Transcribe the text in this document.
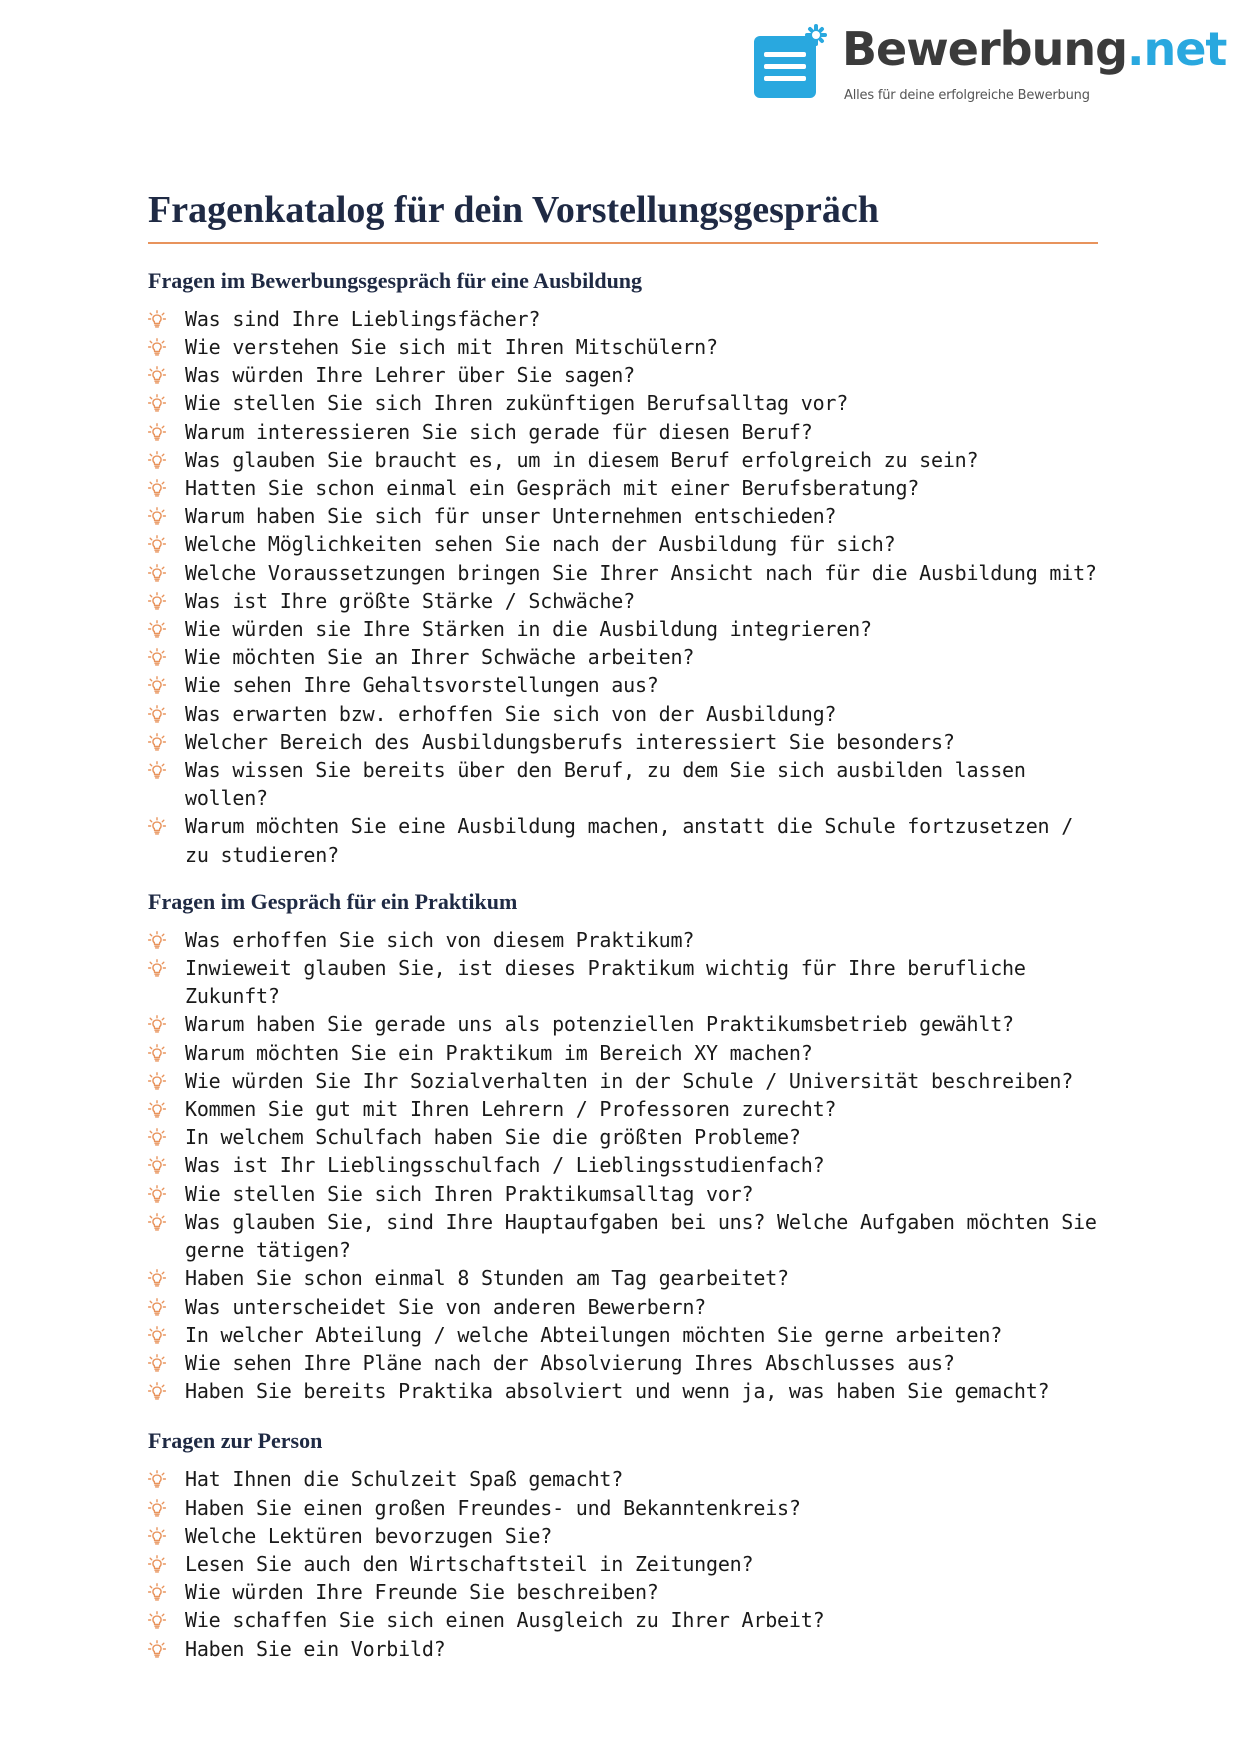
Bewerbung.net
Alles für deine erfolgreiche Bewerbung
Fragenkatalog für dein Vorstellungsgespräch
Fragen im Bewerbungsgespräch für eine Ausbildung
Was sind Ihre Lieblingsfächer?
Wie verstehen Sie sich mit Ihren Mitschülern?
Was würden Ihre Lehrer über Sie sagen?
Wie stellen Sie sich Ihren zukünftigen Berufsalltag vor?
Warum interessieren Sie sich gerade für diesen Beruf?
Was glauben Sie braucht es, um in diesem Beruf erfolgreich zu sein?
Hatten Sie schon einmal ein Gespräch mit einer Berufsberatung?
Warum haben Sie sich für unser Unternehmen entschieden?
Welche Möglichkeiten sehen Sie nach der Ausbildung für sich?
Welche Voraussetzungen bringen Sie Ihrer Ansicht nach für die Ausbildung mit?
Was ist Ihre größte Stärke / Schwäche?
Wie würden sie Ihre Stärken in die Ausbildung integrieren?
Wie möchten Sie an Ihrer Schwäche arbeiten?
Wie sehen Ihre Gehaltsvorstellungen aus?
Was erwarten bzw. erhoffen Sie sich von der Ausbildung?
Welcher Bereich des Ausbildungsberufs interessiert Sie besonders?
Was wissen Sie bereits über den Beruf, zu dem Sie sich ausbilden lassen wollen?
Warum möchten Sie eine Ausbildung machen, anstatt die Schule fortzusetzen / zu studieren?
Fragen im Gespräch für ein Praktikum
Was erhoffen Sie sich von diesem Praktikum?
Inwieweit glauben Sie, ist dieses Praktikum wichtig für Ihre berufliche Zukunft?
Warum haben Sie gerade uns als potenziellen Praktikumsbetrieb gewählt?
Warum möchten Sie ein Praktikum im Bereich XY machen?
Wie würden Sie Ihr Sozialverhalten in der Schule / Universität beschreiben?
Kommen Sie gut mit Ihren Lehrern / Professoren zurecht?
In welchem Schulfach haben Sie die größten Probleme?
Was ist Ihr Lieblingsschulfach / Lieblingsstudienfach?
Wie stellen Sie sich Ihren Praktikumsalltag vor?
Was glauben Sie, sind Ihre Hauptaufgaben bei uns? Welche Aufgaben möchten Sie gerne tätigen?
Haben Sie schon einmal 8 Stunden am Tag gearbeitet?
Was unterscheidet Sie von anderen Bewerbern?
In welcher Abteilung / welche Abteilungen möchten Sie gerne arbeiten?
Wie sehen Ihre Pläne nach der Absolvierung Ihres Abschlusses aus?
Haben Sie bereits Praktika absolviert und wenn ja, was haben Sie gemacht?
Fragen zur Person
Hat Ihnen die Schulzeit Spaß gemacht?
Haben Sie einen großen Freundes- und Bekanntenkreis?
Welche Lektüren bevorzugen Sie?
Lesen Sie auch den Wirtschaftsteil in Zeitungen?
Wie würden Ihre Freunde Sie beschreiben?
Wie schaffen Sie sich einen Ausgleich zu Ihrer Arbeit?
Haben Sie ein Vorbild?
